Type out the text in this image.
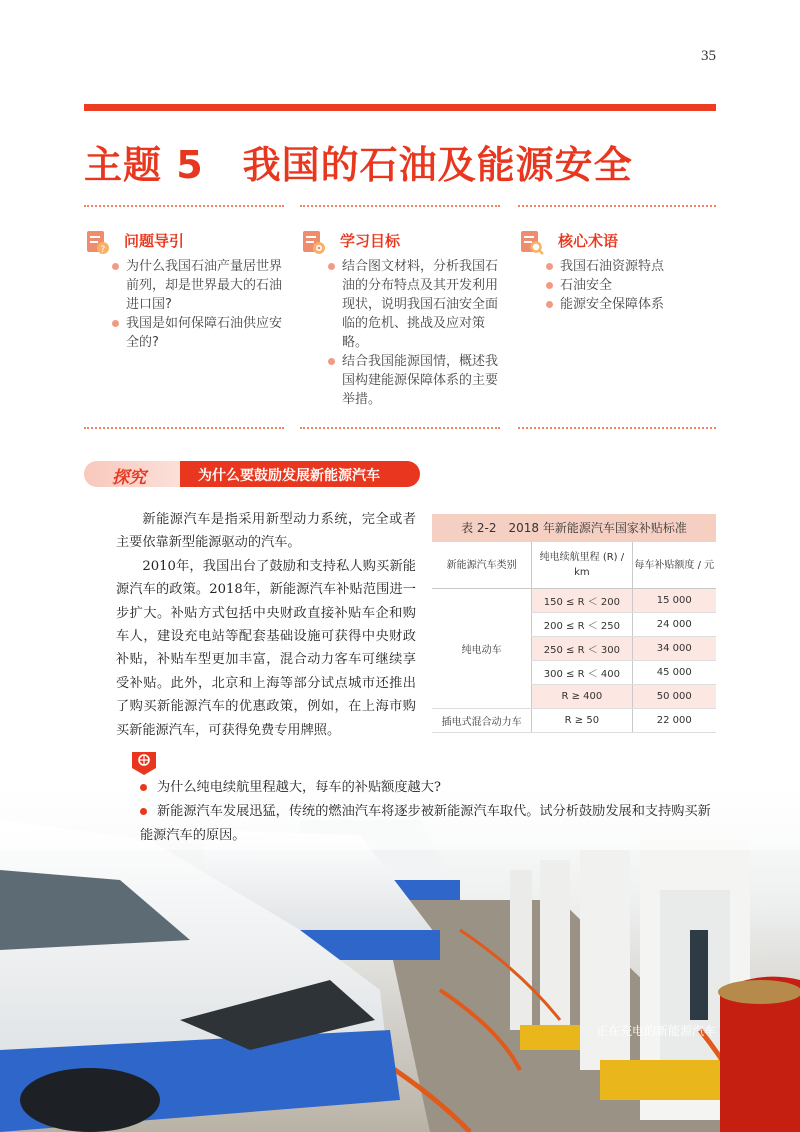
35
主题 5　我国的石油及能源安全
? 问题导引
为什么我国石油产量居世界前列，却是世界最大的石油进口国?
我国是如何保障石油供应安全的?
学习目标
结合图文材料，分析我国石油的分布特点及其开发利用现状，说明我国石油安全面临的危机、挑战及应对策略。
结合我国能源国情，概述我国构建能源保障体系的主要举措。
核心术语
我国石油资源特点
石油安全
能源安全保障体系
探究	为什么要鼓励发展新能源汽车

新能源汽车是指采用新型动力系统，完全或者主要依靠新型能源驱动的汽车。

2010年，我国出台了鼓励和支持私人购买新能源汽车的政策。2018年，新能源汽车补贴范围进一步扩大。补贴方式包括中央财政直接补贴车企和购车人，建设充电站等配套基础设施可获得中央财政补贴，补贴车型更加丰富，混合动力客车可继续享受补贴。此外，北京和上海等部分试点城市还推出了购买新能源汽车的优惠政策，例如，在上海市购买新能源汽车，可获得免费专用牌照。

表 2-2　2018 年新能源汽车国家补贴标准
新能源汽车类别	纯电续航里程 (R) / km	每车补贴额度 / 元
纯电动车	150 ≤ R ＜ 200	15 000
	200 ≤ R ＜ 250	24 000
	250 ≤ R ＜ 300	34 000
	300 ≤ R ＜ 400	45 000
	R ≥ 400	50 000
插电式混合动力车	R ≥ 50	22 000
正在充电的新能源汽车
为什么纯电续航里程越大，每车的补贴额度越大?
新能源汽车发展迅猛，传统的燃油汽车将逐步被新能源汽车取代。试分析鼓励发展和支持购买新能源汽车的原因。
